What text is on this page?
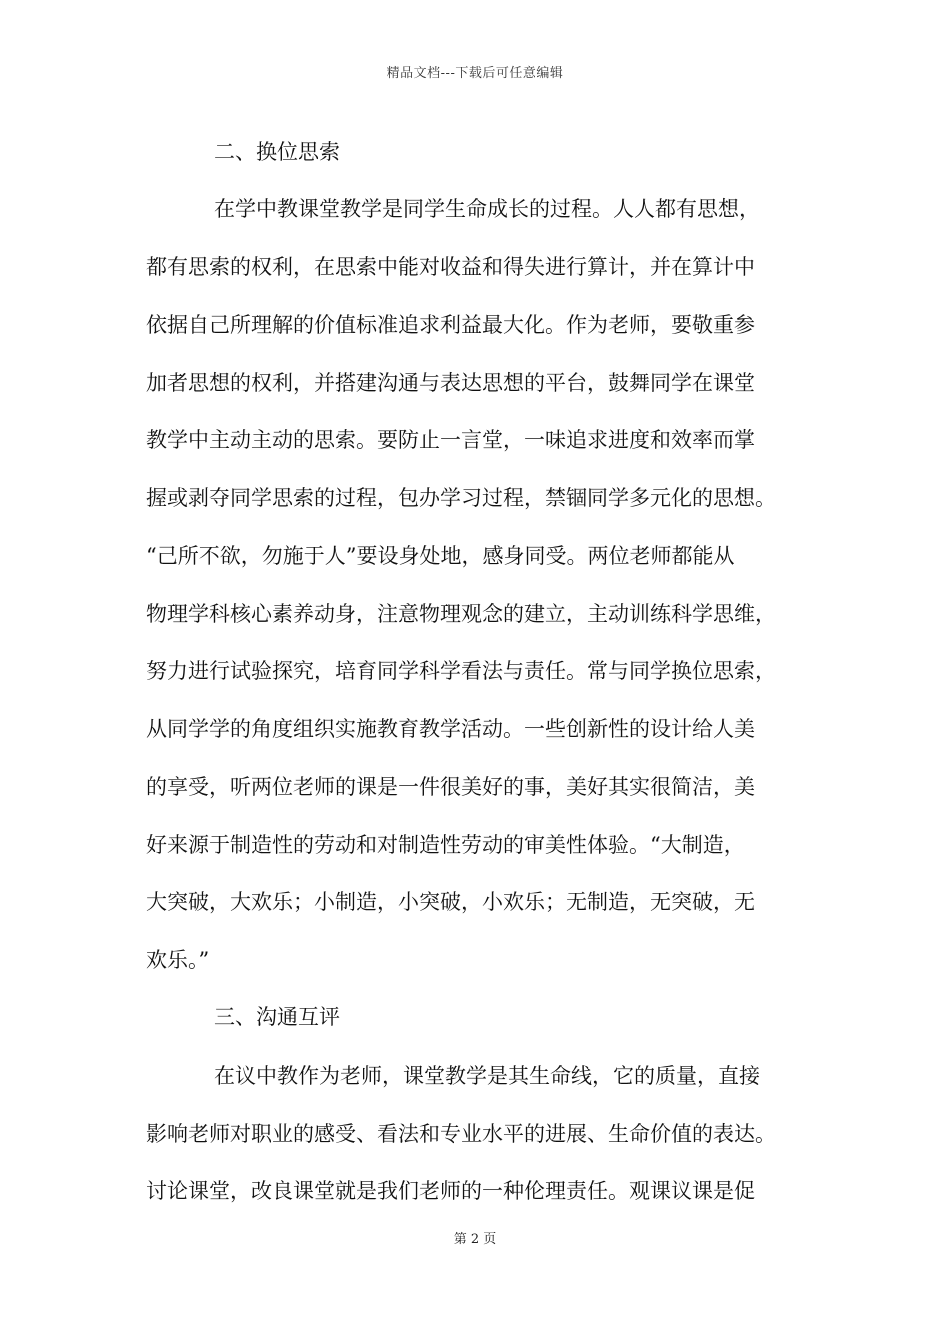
精品文档---下载后可任意编辑
二、换位思索
在学中教课堂教学是同学生命成长的过程。人人都有思想，
都有思索的权利，在思索中能对收益和得失进行算计，并在算计中
依据自己所理解的价值标准追求利益最大化。作为老师，要敬重参
加者思想的权利，并搭建沟通与表达思想的平台，鼓舞同学在课堂
教学中主动主动的思索。要防止一言堂，一味追求进度和效率而掌
握或剥夺同学思索的过程，包办学习过程，禁锢同学多元化的思想。
“己所不欲，勿施于人”要设身处地，感身同受。两位老师都能从
物理学科核心素养动身，注意物理观念的建立，主动训练科学思维，
努力进行试验探究，培育同学科学看法与责任。常与同学换位思索，
从同学学的角度组织实施教育教学活动。一些创新性的设计给人美
的享受，听两位老师的课是一件很美好的事，美好其实很简洁，美
好来源于制造性的劳动和对制造性劳动的审美性体验。“大制造，
大突破，大欢乐；小制造，小突破，小欢乐；无制造，无突破，无
欢乐。”
三、沟通互评
在议中教作为老师，课堂教学是其生命线，它的质量，直接
影响老师对职业的感受、看法和专业水平的进展、生命价值的表达。
讨论课堂，改良课堂就是我们老师的一种伦理责任。观课议课是促
第 2 页
